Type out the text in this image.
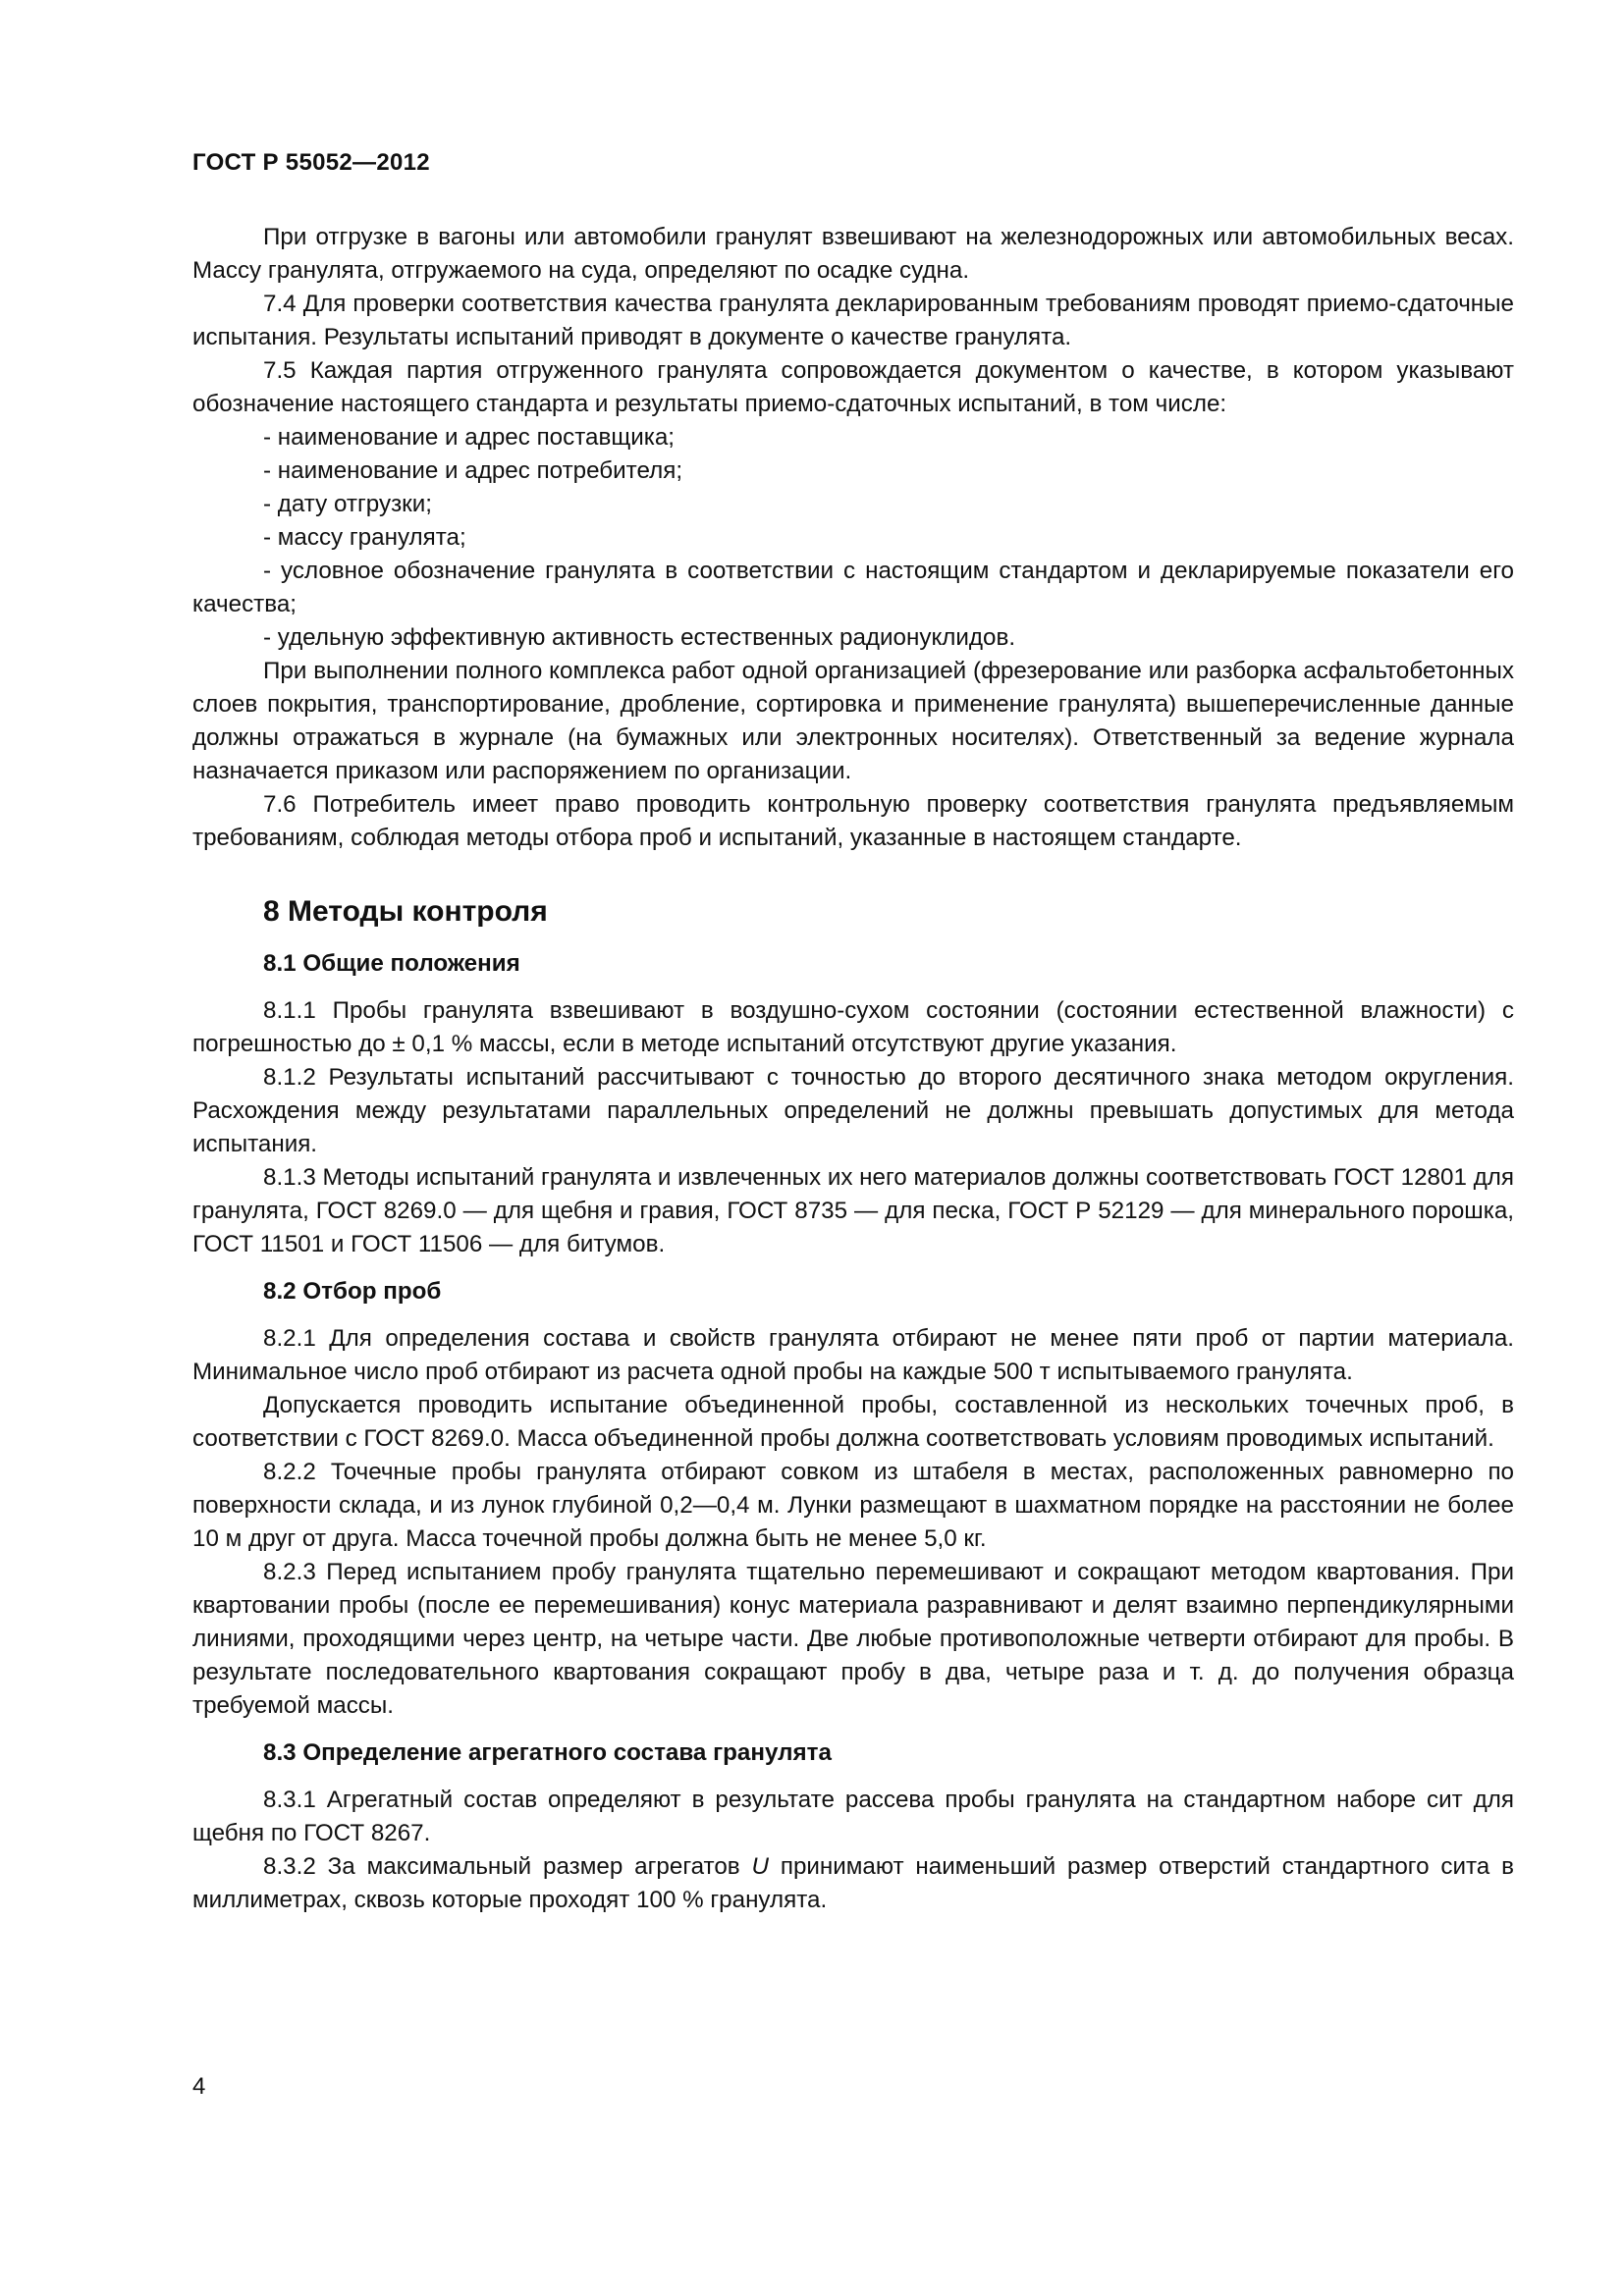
ГОСТ Р 55052—2012

При отгрузке в вагоны или автомобили гранулят взвешивают на железнодорожных или автомобильных весах. Массу гранулята, отгружаемого на суда, определяют по осадке судна.

7.4 Для проверки соответствия качества гранулята декларированным требованиям проводят приемо-сдаточные испытания. Результаты испытаний приводят в документе о качестве гранулята.

7.5 Каждая партия отгруженного гранулята сопровождается документом о качестве, в котором указывают обозначение настоящего стандарта и результаты приемо-сдаточных испытаний, в том числе:

- наименование и адрес поставщика;

- наименование и адрес потребителя;

- дату отгрузки;

- массу гранулята;

- условное обозначение гранулята в соответствии с настоящим стандартом и декларируемые показатели его качества;

- удельную эффективную активность естественных радионуклидов.

При выполнении полного комплекса работ одной организацией (фрезерование или разборка асфальтобетонных слоев покрытия, транспортирование, дробление, сортировка и применение гранулята) вышеперечисленные данные должны отражаться в журнале (на бумажных или электронных носителях). Ответственный за ведение журнала назначается приказом или распоряжением по организации.

7.6 Потребитель имеет право проводить контрольную проверку соответствия гранулята предъявляемым требованиям, соблюдая методы отбора проб и испытаний, указанные в настоящем стандарте.

8 Методы контроля
8.1 Общие положения

8.1.1 Пробы гранулята взвешивают в воздушно-сухом состоянии (состоянии естественной влажности) с погрешностью до ± 0,1 % массы, если в методе испытаний отсутствуют другие указания.

8.1.2 Результаты испытаний рассчитывают с точностью до второго десятичного знака методом округления. Расхождения между результатами параллельных определений не должны превышать допустимых для метода испытания.

8.1.3 Методы испытаний гранулята и извлеченных их него материалов должны соответствовать ГОСТ 12801 для гранулята, ГОСТ 8269.0 — для щебня и гравия, ГОСТ 8735 — для песка, ГОСТ Р 52129 — для минерального порошка, ГОСТ 11501 и ГОСТ 11506 — для битумов.

8.2 Отбор проб

8.2.1 Для определения состава и свойств гранулята отбирают не менее пяти проб от партии материала. Минимальное число проб отбирают из расчета одной пробы на каждые 500 т испытываемого гранулята.

Допускается проводить испытание объединенной пробы, составленной из нескольких точечных проб, в соответствии с ГОСТ 8269.0. Масса объединенной пробы должна соответствовать условиям проводимых испытаний.

8.2.2 Точечные пробы гранулята отбирают совком из штабеля в местах, расположенных равномерно по поверхности склада, и из лунок глубиной 0,2—0,4 м. Лунки размещают в шахматном порядке на расстоянии не более 10 м друг от друга. Масса точечной пробы должна быть не менее 5,0 кг.

8.2.3 Перед испытанием пробу гранулята тщательно перемешивают и сокращают методом квартования. При квартовании пробы (после ее перемешивания) конус материала разравнивают и делят взаимно перпендикулярными линиями, проходящими через центр, на четыре части. Две любые противоположные четверти отбирают для пробы. В результате последовательного квартования сокращают пробу в два, четыре раза и т. д. до получения образца требуемой массы.

8.3 Определение агрегатного состава гранулята

8.3.1 Агрегатный состав определяют в результате рассева пробы гранулята на стандартном наборе сит для щебня по ГОСТ 8267.

8.3.2 За максимальный размер агрегатов U принимают наименьший размер отверстий стандартного сита в миллиметрах, сквозь которые проходят 100 % гранулята.

4
